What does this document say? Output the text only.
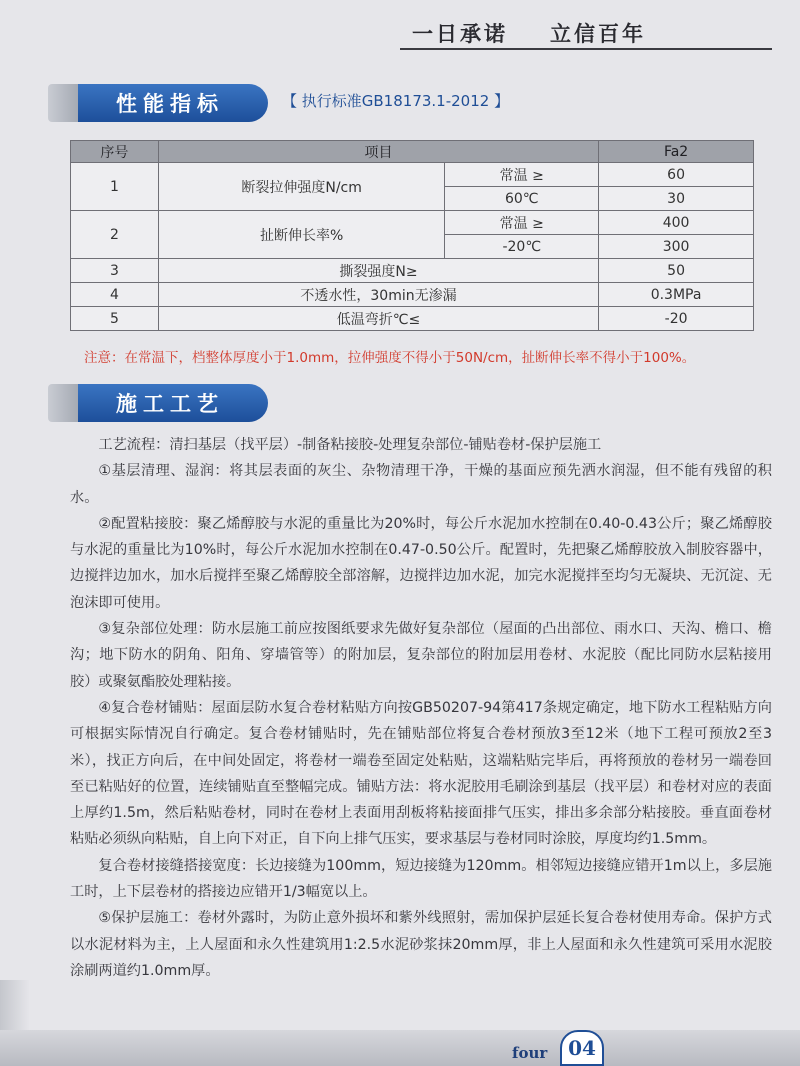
一日承诺 立信百年
性能指标	【 执行标准GB18173.1-2012 】
序号	项目		Fa2
1	断裂拉伸强度N/cm	常温 ≥	60
		60℃	30
2	扯断伸长率%	常温 ≥	400
		-20℃	300
3	撕裂强度N≥		50
4	不透水性，30min无渗漏		0.3MPa
5	低温弯折℃≤		-20
注意：在常温下，档整体厚度小于1.0mm，拉伸强度不得小于50N/cm，扯断伸长率不得小于100%。
施工工艺

工艺流程：清扫基层（找平层）-制备粘接胶-处理复杂部位-铺贴卷材-保护层施工

①基层清理、湿润：将其层表面的灰尘、杂物清理干净，干燥的基面应预先洒水润湿，但不能有残留的积水。

②配置粘接胶：聚乙烯醇胶与水泥的重量比为20%时，每公斤水泥加水控制在0.40-0.43公斤；聚乙烯醇胶与水泥的重量比为10%时，每公斤水泥加水控制在0.47-0.50公斤。配置时，先把聚乙烯醇胶放入制胶容器中，边搅拌边加水，加水后搅拌至聚乙烯醇胶全部溶解，边搅拌边加水泥，加完水泥搅拌至均匀无凝块、无沉淀、无泡沫即可使用。

③复杂部位处理：防水层施工前应按图纸要求先做好复杂部位（屋面的凸出部位、雨水口、天沟、檐口、檐沟；地下防水的阴角、阳角、穿墙管等）的附加层，复杂部位的附加层用卷材、水泥胶（配比同防水层粘接用胶）或聚氨酯胶处理粘接。

④复合卷材铺贴：屋面层防水复合卷材粘贴方向按GB50207-94第417条规定确定，地下防水工程粘贴方向可根据实际情况自行确定。复合卷材铺贴时，先在铺贴部位将复合卷材预放3至12米（地下工程可预放2至3米），找正方向后，在中间处固定，将卷材一端卷至固定处粘贴，这端粘贴完毕后，再将预放的卷材另一端卷回至已粘贴好的位置，连续铺贴直至整幅完成。铺贴方法：将水泥胶用毛刷涂到基层（找平层）和卷材对应的表面上厚约1.5m，然后粘贴卷材，同时在卷材上表面用刮板将粘接面排气压实，排出多余部分粘接胶。垂直面卷材粘贴必须纵向粘贴，自上向下对正，自下向上排气压实，要求基层与卷材同时涂胶，厚度均约1.5mm。

复合卷材接缝搭接宽度：长边接缝为100mm，短边接缝为120mm。相邻短边接缝应错开1m以上，多层施工时，上下层卷材的搭接边应错开1/3幅宽以上。

⑤保护层施工：卷材外露时，为防止意外损坏和紫外线照射，需加保护层延长复合卷材使用寿命。保护方式以水泥材料为主，上人屋面和永久性建筑用1:2.5水泥砂浆抹20mm厚，非上人屋面和永久性建筑可采用水泥胶涂刷两道约1.0mm厚。

four	04
